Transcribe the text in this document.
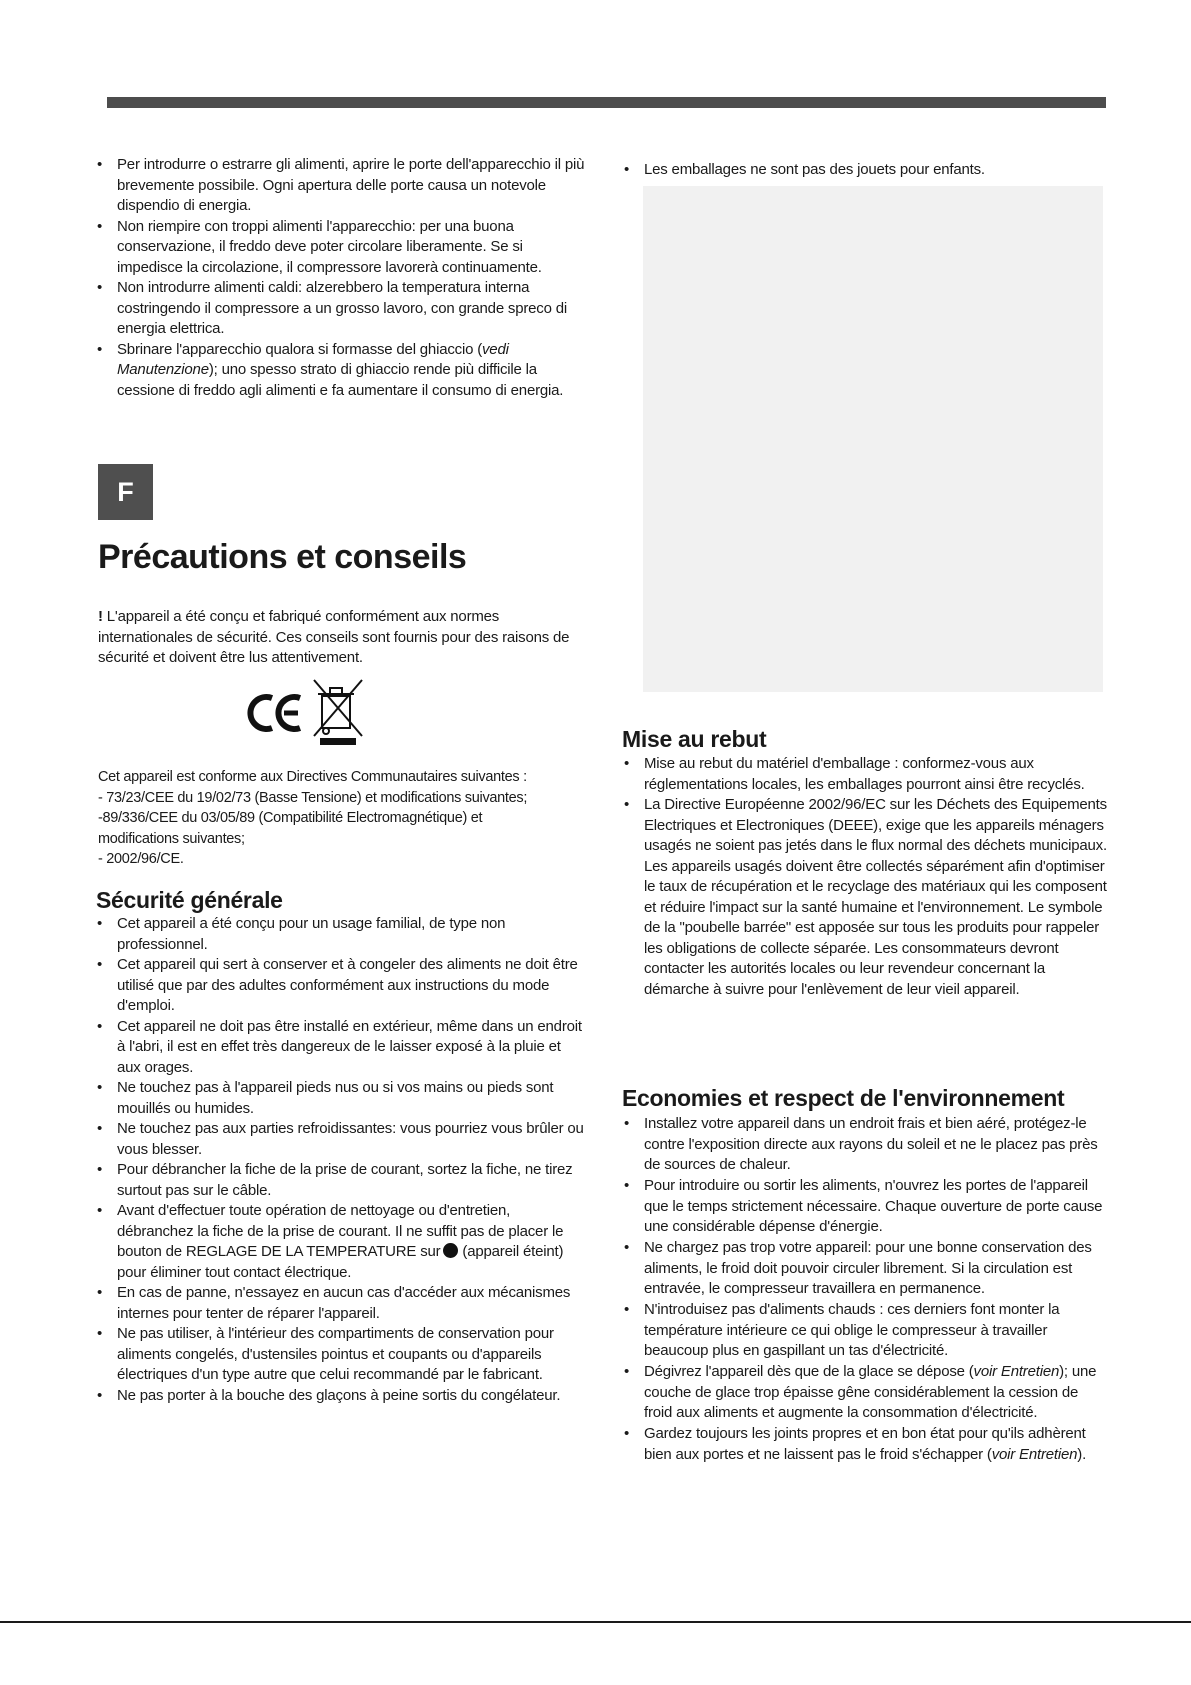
• Per introdurre o estrarre gli alimenti, aprire le porte dell'apparecchio il più brevemente possibile. Ogni apertura delle porte causa un notevole dispendio di energia.
• Non riempire con troppi alimenti l'apparecchio: per una buona conservazione, il freddo deve poter circolare liberamente. Se si impedisce la circolazione, il compressore lavorerà continuamente.
• Non introdurre alimenti caldi: alzerebbero la temperatura interna costringendo il compressore a un grosso lavoro, con grande spreco di energia elettrica.
• Sbrinare l'apparecchio qualora si formasse del ghiaccio (vedi Manutenzione); uno spesso strato di ghiaccio rende più difficile la cessione di freddo agli alimenti e fa aumentare il consumo di energia.
F
Précautions et conseils
! L'appareil a été conçu et fabriqué conformément aux normes internationales de sécurité. Ces conseils sont fournis pour des raisons de sécurité et doivent être lus attentivement.
Cet appareil est conforme aux Directives Communautaires suivantes :
- 73/23/CEE du 19/02/73 (Basse Tensione) et modifications suivantes;
-89/336/CEE du 03/05/89 (Compatibilité Electromagnétique) et
modifications suivantes;
- 2002/96/CE.
Sécurité générale
• Cet appareil a été conçu pour un usage familial, de type non professionnel.
• Cet appareil qui sert à conserver et à congeler des aliments ne doit être utilisé que par des adultes conformément aux instructions du mode d'emploi.
• Cet appareil ne doit pas être installé en extérieur, même dans un endroit à l'abri, il est en effet très dangereux de le laisser exposé à la pluie et aux orages.
• Ne touchez pas à l'appareil pieds nus ou si vos mains ou pieds sont mouillés ou humides.
• Ne touchez pas aux parties refroidissantes: vous pourriez vous brûler ou vous blesser.
• Pour débrancher la fiche de la prise de courant, sortez la fiche, ne tirez surtout pas sur le câble.
• Avant d'effectuer toute opération de nettoyage ou d'entretien, débranchez la fiche de la prise de courant. Il ne suffit pas de placer le bouton de REGLAGE DE LA TEMPERATURE sur (appareil éteint) pour éliminer tout contact électrique.
• En cas de panne, n'essayez en aucun cas d'accéder aux mécanismes internes pour tenter de réparer l'appareil.
• Ne pas utiliser, à l'intérieur des compartiments de conservation pour aliments congelés, d'ustensiles pointus et coupants ou d'appareils électriques d'un type autre que celui recommandé par le fabricant.
• Ne pas porter à la bouche des glaçons à peine sortis du congélateur.
• Les emballages ne sont pas des jouets pour enfants.
Mise au rebut
• Mise au rebut du matériel d'emballage : conformez-vous aux réglementations locales, les emballages pourront ainsi être recyclés.
• La Directive Européenne 2002/96/EC sur les Déchets des Equipements Electriques et Electroniques (DEEE), exige que les appareils ménagers usagés ne soient pas jetés dans le flux normal des déchets municipaux. Les appareils usagés doivent être collectés séparément afin d'optimiser le taux de récupération et le recyclage des matériaux qui les composent et réduire l'impact sur la santé humaine et l'environnement. Le symbole de la "poubelle barrée" est apposée sur tous les produits pour rappeler les obligations de collecte séparée. Les consommateurs devront contacter les autorités locales ou leur revendeur concernant la démarche à suivre pour l'enlèvement de leur vieil appareil.
Economies et respect de l'environnement
• Installez votre appareil dans un endroit frais et bien aéré, protégez-le contre l'exposition directe aux rayons du soleil et ne le placez pas près de sources de chaleur.
• Pour introduire ou sortir les aliments, n'ouvrez les portes de l'appareil que le temps strictement nécessaire. Chaque ouverture de porte cause une considérable dépense d'énergie.
• Ne chargez pas trop votre appareil: pour une bonne conservation des aliments, le froid doit pouvoir circuler librement. Si la circulation est entravée, le compresseur travaillera en permanence.
• N'introduisez pas d'aliments chauds : ces derniers font monter la température intérieure ce qui oblige le compresseur à travailler beaucoup plus en gaspillant un tas d'électricité.
• Dégivrez l'appareil dès que de la glace se dépose (voir Entretien); une couche de glace trop épaisse gêne considérablement la cession de froid aux aliments et augmente la consommation d'électricité.
• Gardez toujours les joints propres et en bon état pour qu'ils adhèrent bien aux portes et ne laissent pas le froid s'échapper (voir Entretien).
